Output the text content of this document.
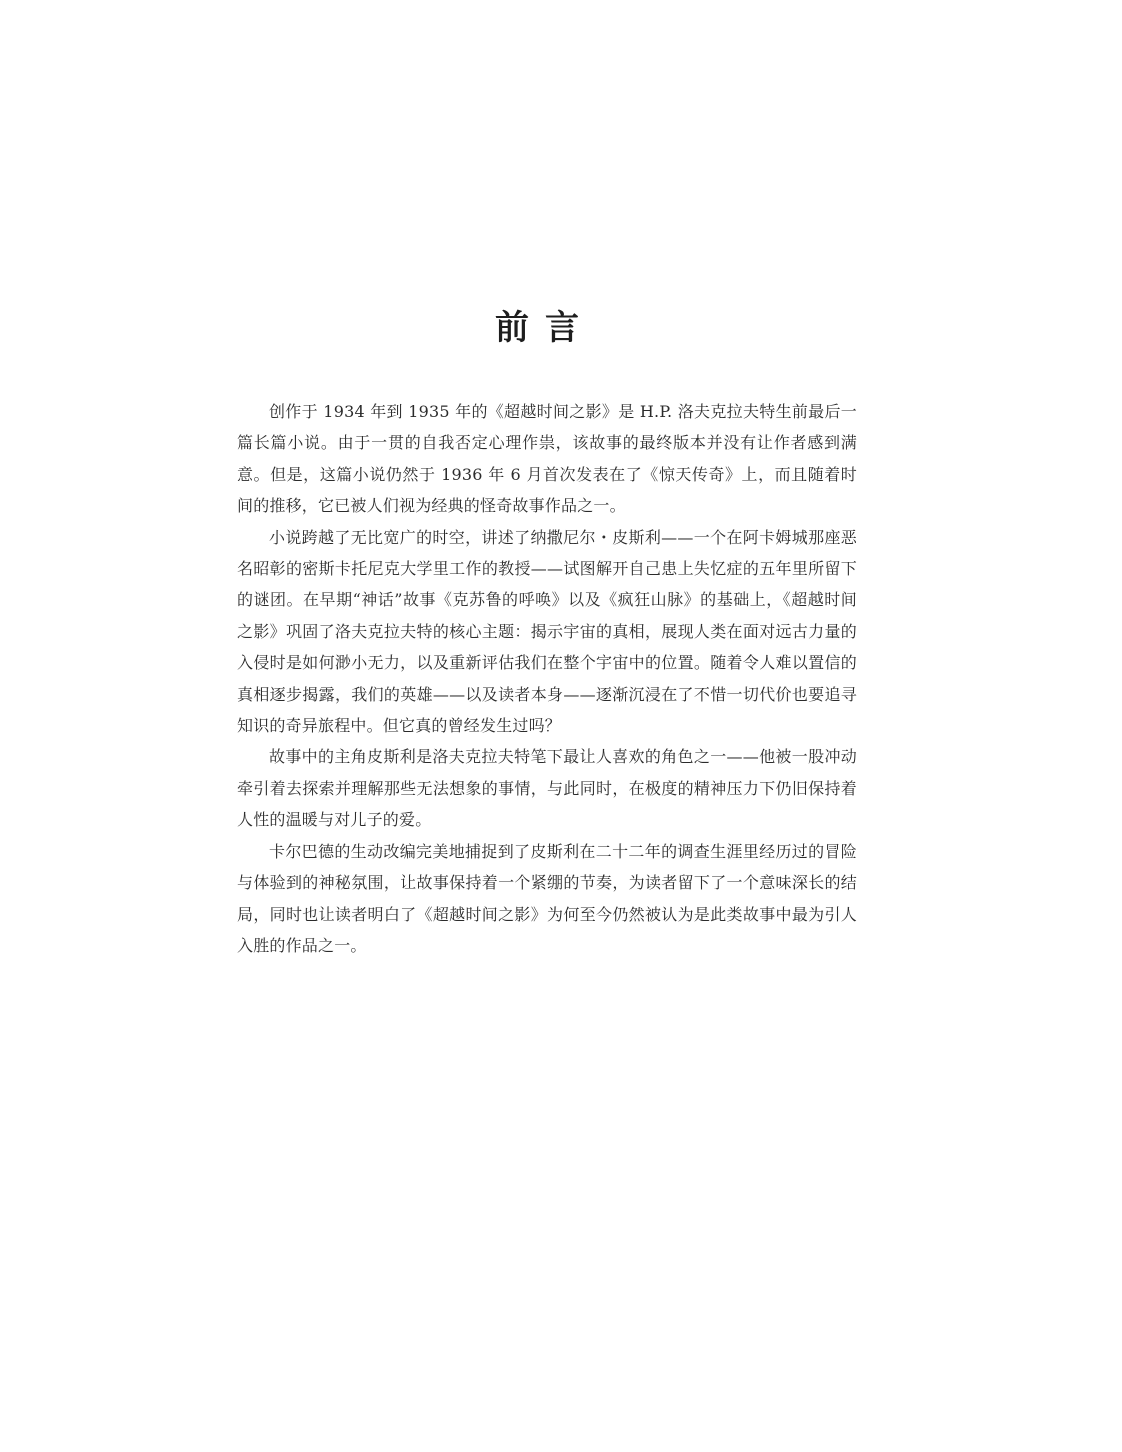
前言

创作于 1934 年到 1935 年的《超越时间之影》是 H.P. 洛夫克拉夫特生前最后一篇长篇小说。由于一贯的自我否定心理作祟，该故事的最终版本并没有让作者感到满意。但是，这篇小说仍然于 1936 年 6 月首次发表在了《惊天传奇》上，而且随着时间的推移，它已被人们视为经典的怪奇故事作品之一。

小说跨越了无比宽广的时空，讲述了纳撒尼尔・皮斯利——一个在阿卡姆城那座恶名昭彰的密斯卡托尼克大学里工作的教授——试图解开自己患上失忆症的五年里所留下的谜团。在早期“神话”故事《克苏鲁的呼唤》以及《疯狂山脉》的基础上，《超越时间之影》巩固了洛夫克拉夫特的核心主题：揭示宇宙的真相，展现人类在面对远古力量的入侵时是如何渺小无力，以及重新评估我们在整个宇宙中的位置。随着令人难以置信的真相逐步揭露，我们的英雄——以及读者本身——逐渐沉浸在了不惜一切代价也要追寻知识的奇异旅程中。但它真的曾经发生过吗？

故事中的主角皮斯利是洛夫克拉夫特笔下最让人喜欢的角色之一——他被一股冲动牵引着去探索并理解那些无法想象的事情，与此同时，在极度的精神压力下仍旧保持着人性的温暖与对儿子的爱。

卡尔巴德的生动改编完美地捕捉到了皮斯利在二十二年的调查生涯里经历过的冒险与体验到的神秘氛围，让故事保持着一个紧绷的节奏，为读者留下了一个意味深长的结局，同时也让读者明白了《超越时间之影》为何至今仍然被认为是此类故事中最为引人入胜的作品之一。
